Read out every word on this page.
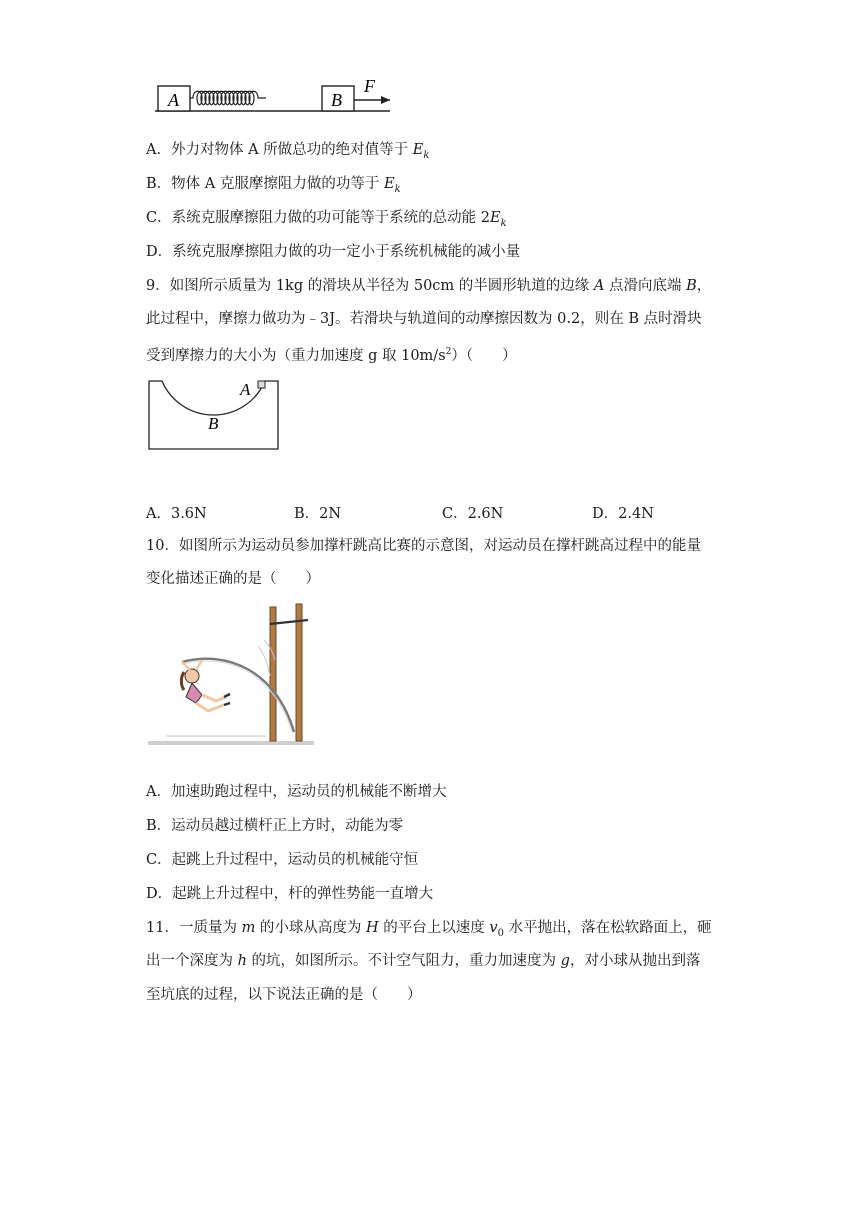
A	B
F
A．外力对物体 A 所做总功的绝对值等于 $E_k$
B．物体 A 克服摩擦阻力做的功等于 $E_k$
C．系统克服摩擦阻力做的功可能等于系统的总动能 $2E_k$
D．系统克服摩擦阻力做的功一定小于系统机械能的减小量
9．如图所示质量为 1kg 的滑块从半径为 50cm 的半圆形轨道的边缘 A 点滑向底端 B，
此过程中，摩擦力做功为﹣3J。若滑块与轨道间的动摩擦因数为 0.2，则在 B 点时滑块
受到摩擦力的大小为（重力加速度 g 取 $10m/s^2$）（　　）
A
B
A．3.6N	B．2N	C．2.6N	D．2.4N
10．如图所示为运动员参加撑杆跳高比赛的示意图，对运动员在撑杆跳高过程中的能量
变化描述正确的是（　　）
A．加速助跑过程中，运动员的机械能不断增大
B．运动员越过横杆正上方时，动能为零
C．起跳上升过程中，运动员的机械能守恒
D．起跳上升过程中，杆的弹性势能一直增大
11．一质量为 m 的小球从高度为 H 的平台上以速度 $v_0$ 水平抛出，落在松软路面上，砸
出一个深度为 h 的坑，如图所示。不计空气阻力，重力加速度为 g，对小球从抛出到落
至坑底的过程，以下说法正确的是（　　）
